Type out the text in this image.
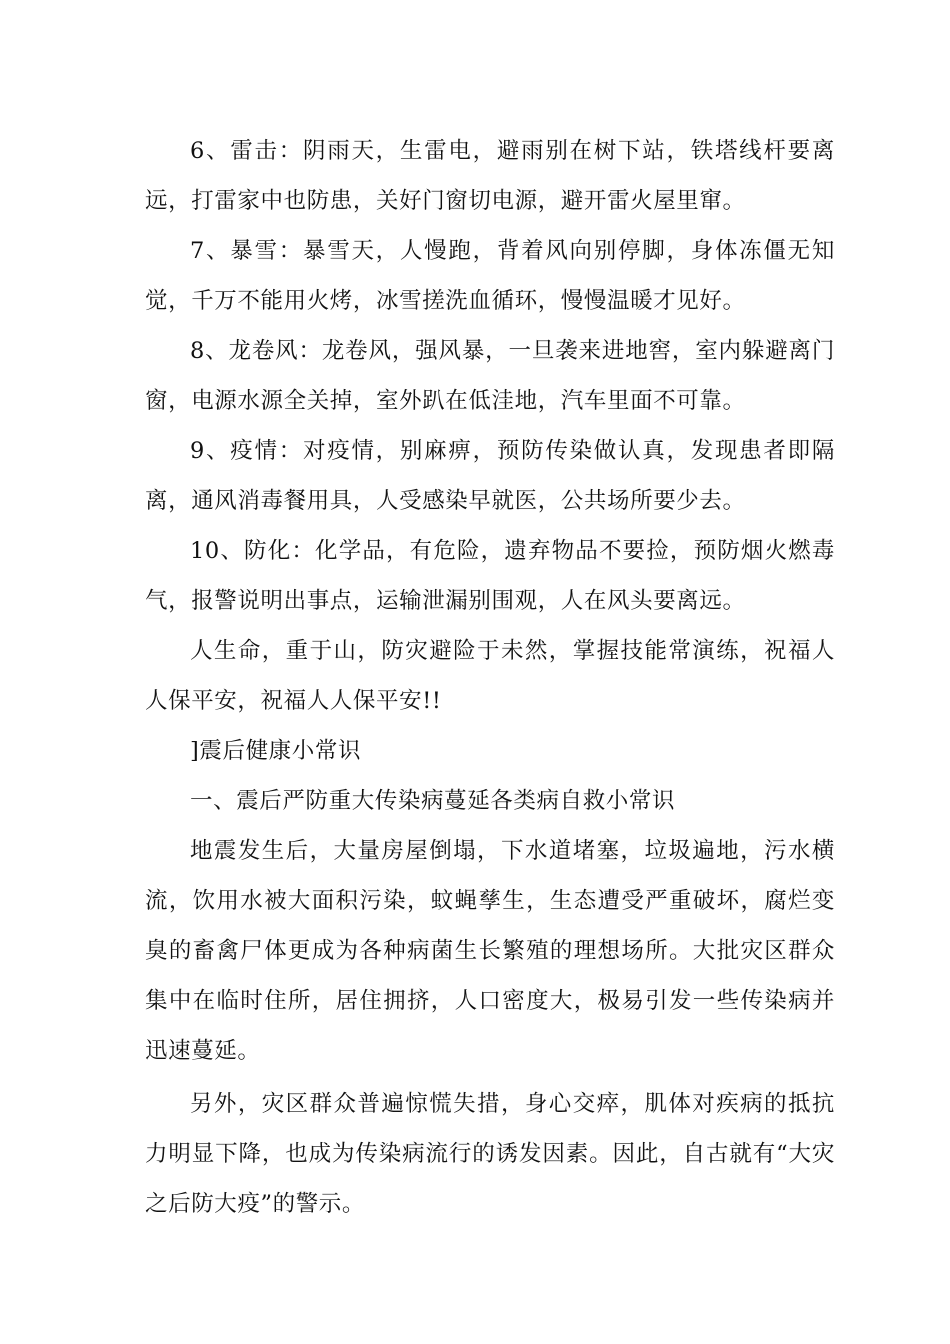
6、雷击：阴雨天，生雷电，避雨别在树下站，铁塔线杆要离远，打雷家中也防患，关好门窗切电源，避开雷火屋里窜。

7、暴雪：暴雪天，人慢跑，背着风向别停脚，身体冻僵无知觉，千万不能用火烤，冰雪搓洗血循环，慢慢温暖才见好。

8、龙卷风：龙卷风，强风暴，一旦袭来进地窖，室内躲避离门窗，电源水源全关掉，室外趴在低洼地，汽车里面不可靠。

9、疫情：对疫情，别麻痹，预防传染做认真，发现患者即隔离，通风消毒餐用具，人受感染早就医，公共场所要少去。

10、防化：化学品，有危险，遗弃物品不要捡，预防烟火燃毒气，报警说明出事点，运输泄漏别围观，人在风头要离远。

人生命，重于山，防灾避险于未然，掌握技能常演练，祝福人人保平安，祝福人人保平安!!

]震后健康小常识

一、震后严防重大传染病蔓延各类病自救小常识

地震发生后，大量房屋倒塌，下水道堵塞，垃圾遍地，污水横流，饮用水被大面积污染，蚊蝇孳生，生态遭受严重破坏，腐烂变臭的畜禽尸体更成为各种病菌生长繁殖的理想场所。大批灾区群众集中在临时住所，居住拥挤，人口密度大，极易引发一些传染病并迅速蔓延。

另外，灾区群众普遍惊慌失措，身心交瘁，肌体对疾病的抵抗力明显下降，也成为传染病流行的诱发因素。因此，自古就有“大灾之后防大疫”的警示。
